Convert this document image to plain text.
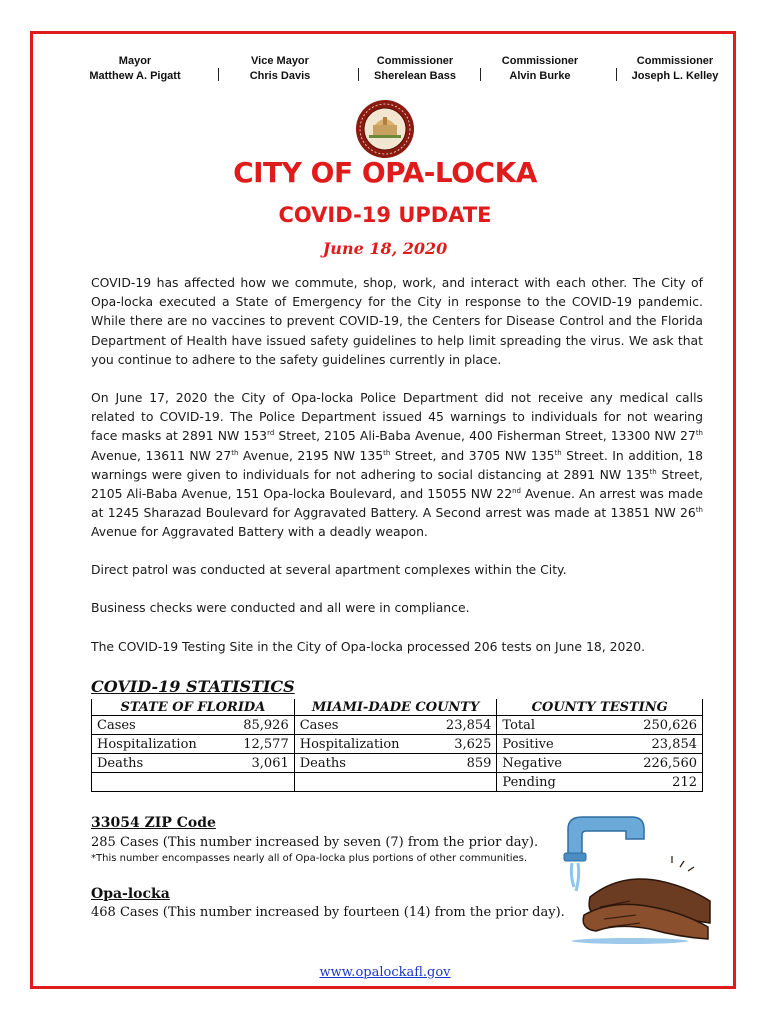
Mayor
Matthew A. Pigatt
Vice Mayor
Chris Davis
Commissioner
Sherelean Bass
Commissioner
Alvin Burke
Commissioner
Joseph L. Kelley
CITY OF OPA-LOCKA
COVID-19 UPDATE
June 18, 2020
COVID-19 has affected how we commute, shop, work, and interact with each other. The City of Opa-locka executed a State of Emergency for the City in response to the COVID-19 pandemic. While there are no vaccines to prevent COVID-19, the Centers for Disease Control and the Florida Department of Health have issued safety guidelines to help limit spreading the virus. We ask that you continue to adhere to the safety guidelines currently in place.
On June 17, 2020 the City of Opa-locka Police Department did not receive any medical calls related to COVID-19. The Police Department issued 45 warnings to individuals for not wearing face masks at 2891 NW 153rd Street, 2105 Ali-Baba Avenue, 400 Fisherman Street, 13300 NW 27th Avenue, 13611 NW 27th Avenue, 2195 NW 135th Street, and 3705 NW 135th Street. In addition, 18 warnings were given to individuals for not adhering to social distancing at 2891 NW 135th Street, 2105 Ali-Baba Avenue, 151 Opa-locka Boulevard, and 15055 NW 22nd Avenue. An arrest was made at 1245 Sharazad Boulevard for Aggravated Battery. A Second arrest was made at 13851 NW 26th Avenue for Aggravated Battery with a deadly weapon.
Direct patrol was conducted at several apartment complexes within the City.
Business checks were conducted and all were in compliance.
The COVID-19 Testing Site in the City of Opa-locka processed 206 tests on June 18, 2020.
COVID-19 STATISTICS
STATE OF FLORIDA	MIAMI-DADE COUNTY	COUNTY TESTING

Cases 85,926	Cases 23,854	Total 250,626

Hospitalization 12,577	Hospitalization 3,625	Positive 23,854

Deaths 3,061	Deaths 859	Negative 226,560

		Pending 212
33054 ZIP Code
285 Cases (This number increased by seven (7) from the prior day).
*This number encompasses nearly all of Opa-locka plus portions of other communities.
Opa-locka
468 Cases (This number increased by fourteen (14) from the prior day).
www.opalockafl.gov
